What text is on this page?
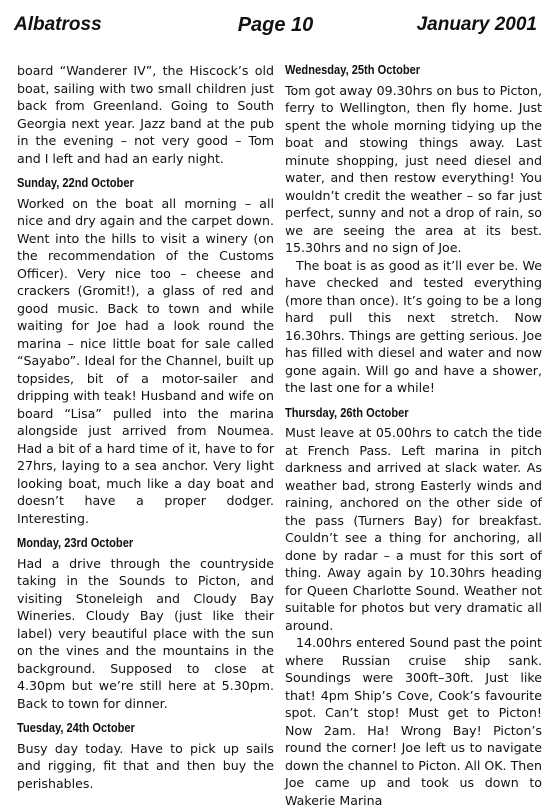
Albatross	Page 10	January 2001

board “Wanderer IV”, the Hiscock’s old boat, sailing with two small children just back from Greenland. Going to South Georgia next year. Jazz band at the pub in the evening – not very good – Tom and I left and had an early night.

Sunday, 22nd October

Worked on the boat all morning – all nice and dry again and the carpet down. Went into the hills to visit a winery (on the recommendation of the Customs Officer). Very nice too – cheese and crackers (Gromit!), a glass of red and good music. Back to town and while waiting for Joe had a look round the marina – nice little boat for sale called “Sayabo”. Ideal for the Channel, built up topsides, bit of a motor-sailer and dripping with teak! Husband and wife on board “Lisa” pulled into the marina alongside just arrived from Noumea. Had a bit of a hard time of it, have to for 27hrs, laying to a sea anchor. Very light looking boat, much like a day boat and doesn’t have a proper dodger. Interesting.

Monday, 23rd October

Had a drive through the countryside taking in the Sounds to Picton, and visiting Stoneleigh and Cloudy Bay Wineries. Cloudy Bay (just like their label) very beautiful place with the sun on the vines and the mountains in the background. Supposed to close at 4.30pm but we’re still here at 5.30pm. Back to town for dinner.

Tuesday, 24th October

Busy day today. Have to pick up sails and rigging, fit that and then buy the perishables.

Wednesday, 25th October

Tom got away 09.30hrs on bus to Picton, ferry to Wellington, then fly home. Just spent the whole morning tidying up the boat and stowing things away. Last minute shopping, just need diesel and water, and then restow everything! You wouldn’t credit the weather – so far just perfect, sunny and not a drop of rain, so we are seeing the area at its best. 15.30hrs and no sign of Joe.

The boat is as good as it’ll ever be. We have checked and tested everything (more than once). It’s going to be a long hard pull this next stretch. Now 16.30hrs. Things are getting serious. Joe has filled with diesel and water and now gone again. Will go and have a shower, the last one for a while!

Thursday, 26th October

Must leave at 05.00hrs to catch the tide at French Pass. Left marina in pitch darkness and arrived at slack water. As weather bad, strong Easterly winds and raining, anchored on the other side of the pass (Turners Bay) for breakfast. Couldn’t see a thing for anchoring, all done by radar – a must for this sort of thing. Away again by 10.30hrs heading for Queen Charlotte Sound. Weather not suitable for photos but very dramatic all around.

14.00hrs entered Sound past the point where Russian cruise ship sank. Soundings were 300ft–30ft. Just like that! 4pm Ship’s Cove, Cook’s favourite spot. Can’t stop! Must get to Picton! Now 2am. Ha! Wrong Bay! Picton’s round the corner! Joe left us to navigate down the channel to Picton. All OK. Then Joe came up and took us down to Wakerie Marina
